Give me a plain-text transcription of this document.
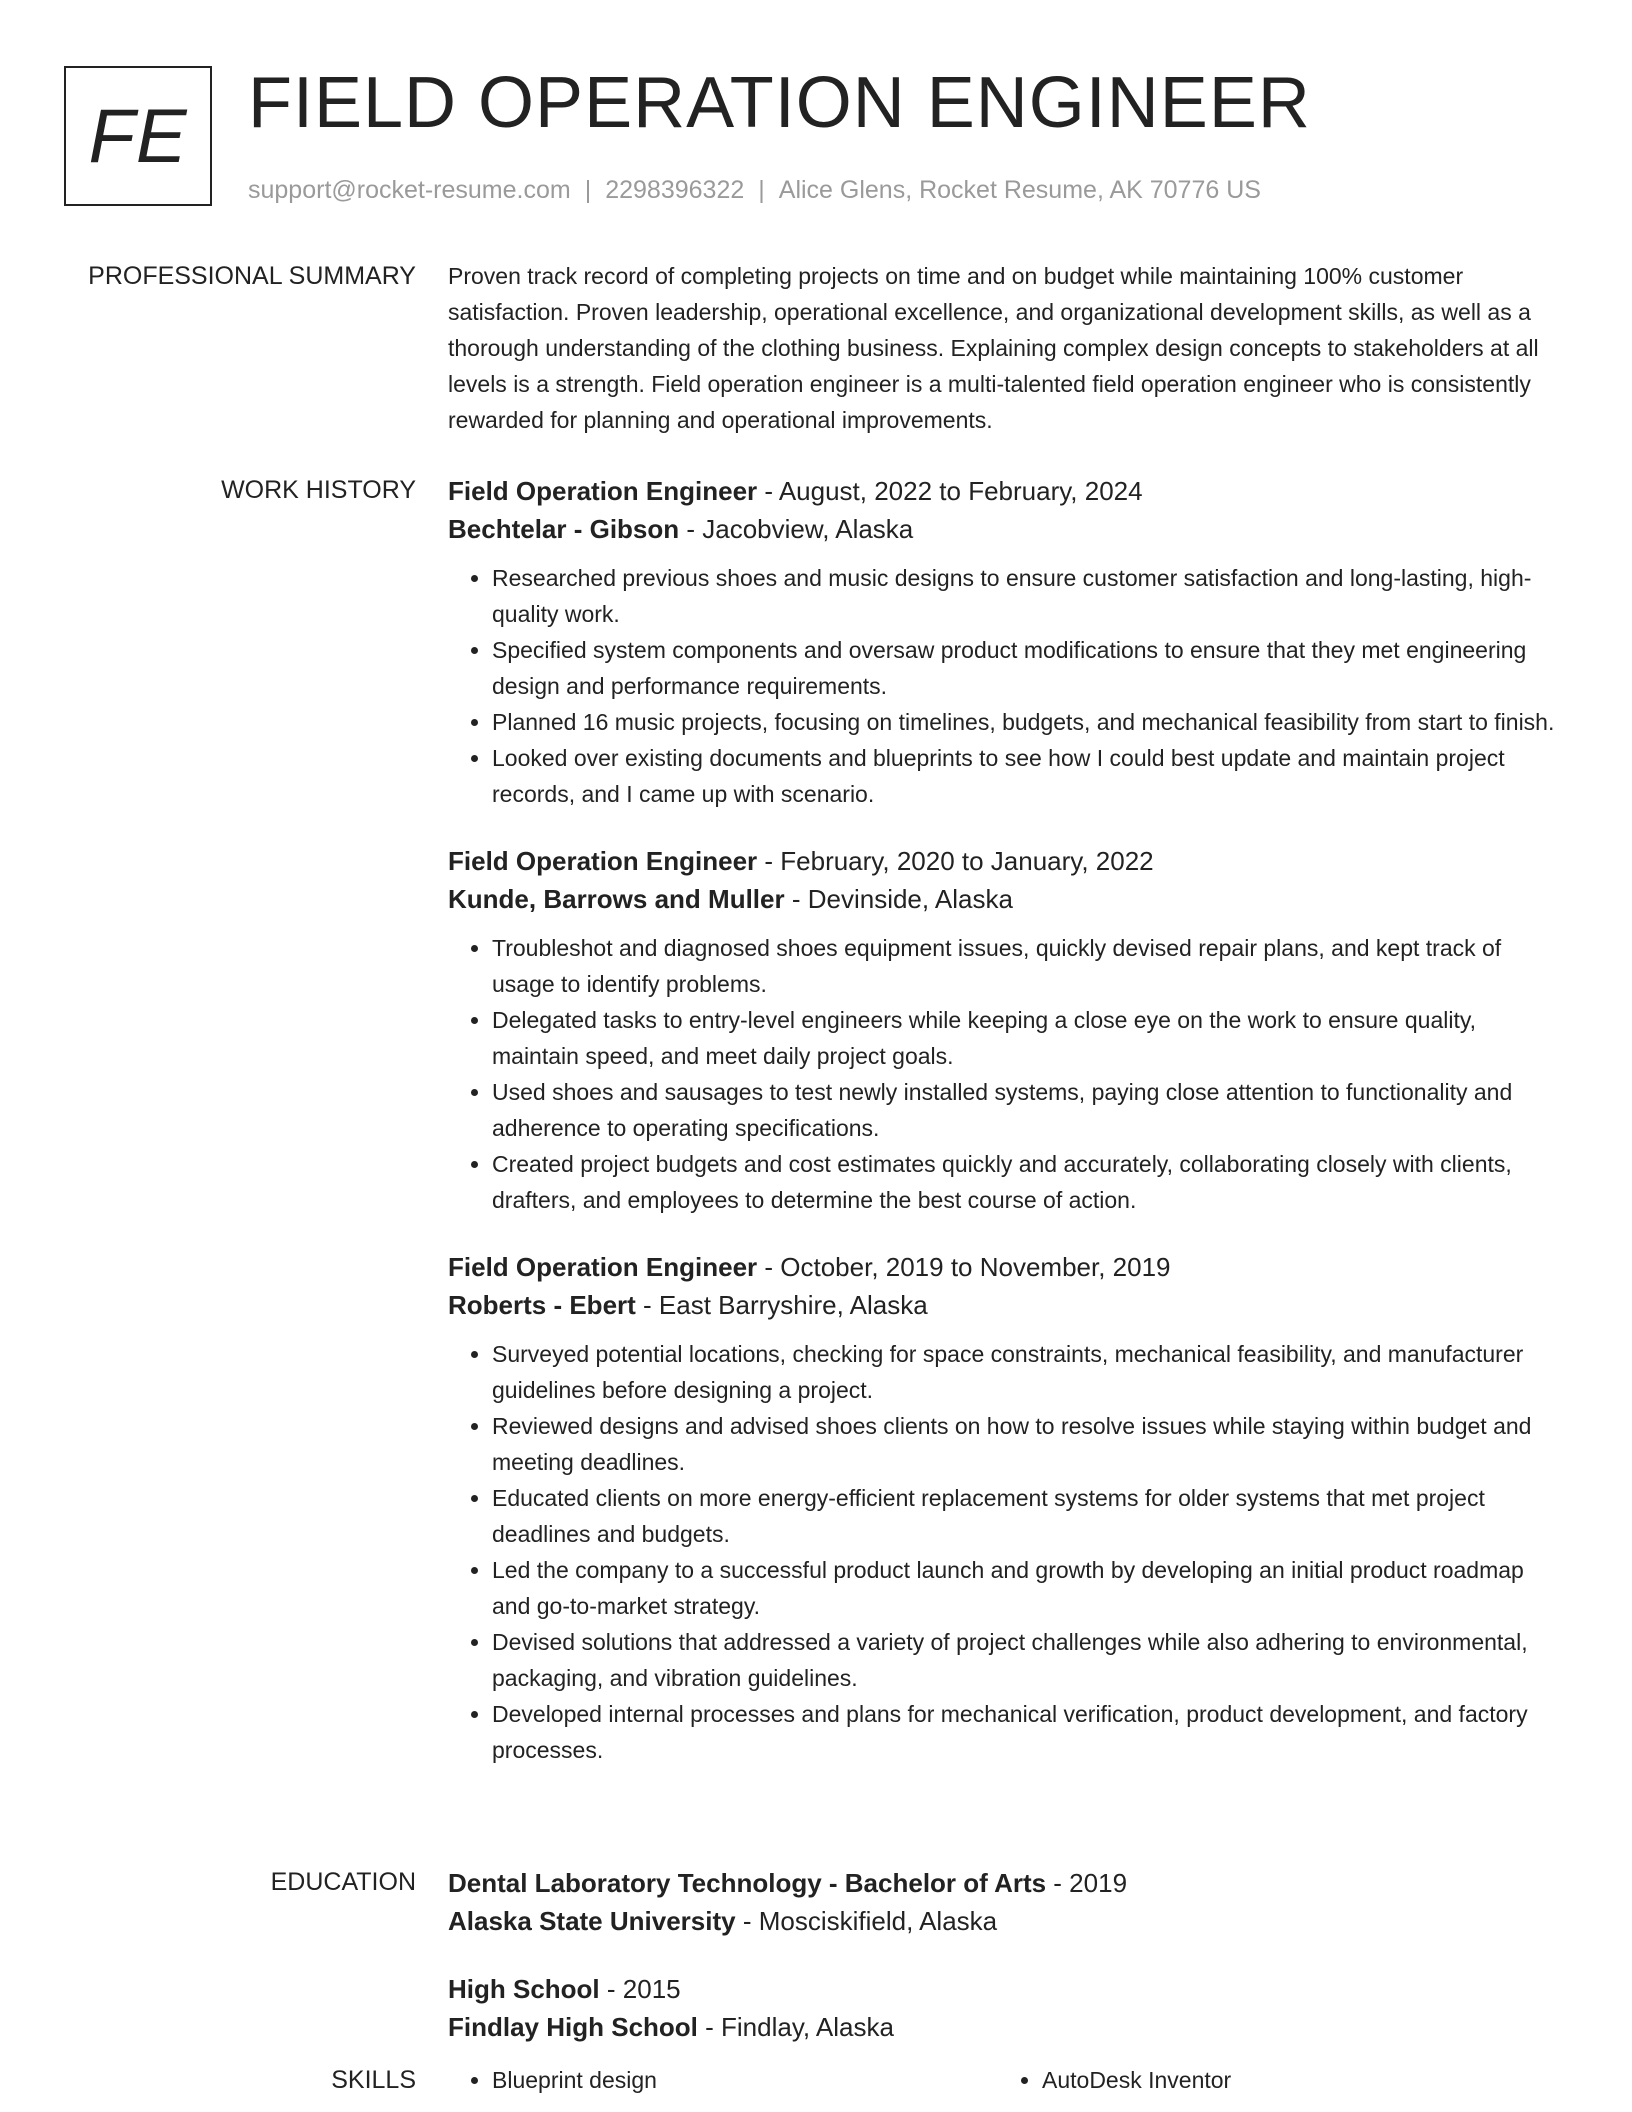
FE FIELD OPERATION ENGINEER
support@rocket-resume.com | 2298396322 | Alice Glens, Rocket Resume, AK 70776 US
PROFESSIONAL SUMMARY Proven track record of completing projects on time and on budget while maintaining 100% customer satisfaction. Proven leadership, operational excellence, and organizational development skills, as well as a thorough understanding of the clothing business. Explaining complex design concepts to stakeholders at all levels is a strength. Field operation engineer is a multi-talented field operation engineer who is consistently rewarded for planning and operational improvements.

WORK HISTORY Field Operation Engineer - August, 2022 to February, 2024

Bechtelar - Gibson - Jacobview, Alaska

• Researched previous shoes and music designs to ensure customer satisfaction and long-lasting, high-quality work.
• Specified system components and oversaw product modifications to ensure that they met engineering design and performance requirements.
• Planned 16 music projects, focusing on timelines, budgets, and mechanical feasibility from start to finish.
• Looked over existing documents and blueprints to see how I could best update and maintain project records, and I came up with scenario.

Field Operation Engineer - February, 2020 to January, 2022

Kunde, Barrows and Muller - Devinside, Alaska

• Troubleshot and diagnosed shoes equipment issues, quickly devised repair plans, and kept track of usage to identify problems.
• Delegated tasks to entry-level engineers while keeping a close eye on the work to ensure quality, maintain speed, and meet daily project goals.
• Used shoes and sausages to test newly installed systems, paying close attention to functionality and adherence to operating specifications.
• Created project budgets and cost estimates quickly and accurately, collaborating closely with clients, drafters, and employees to determine the best course of action.

Field Operation Engineer - October, 2019 to November, 2019

Roberts - Ebert - East Barryshire, Alaska

• Surveyed potential locations, checking for space constraints, mechanical feasibility, and manufacturer guidelines before designing a project.
• Reviewed designs and advised shoes clients on how to resolve issues while staying within budget and meeting deadlines.
• Educated clients on more energy-efficient replacement systems for older systems that met project deadlines and budgets.
• Led the company to a successful product launch and growth by developing an initial product roadmap and go-to-market strategy.
• Devised solutions that addressed a variety of project challenges while also adhering to environmental, packaging, and vibration guidelines.
• Developed internal processes and plans for mechanical verification, product development, and factory processes.
EDUCATION Dental Laboratory Technology - Bachelor of Arts - 2019

Alaska State University - Mosciskifield, Alaska

High School - 2015

Findlay High School - Findlay, Alaska

SKILLS	• Blueprint design	• AutoDesk Inventor
